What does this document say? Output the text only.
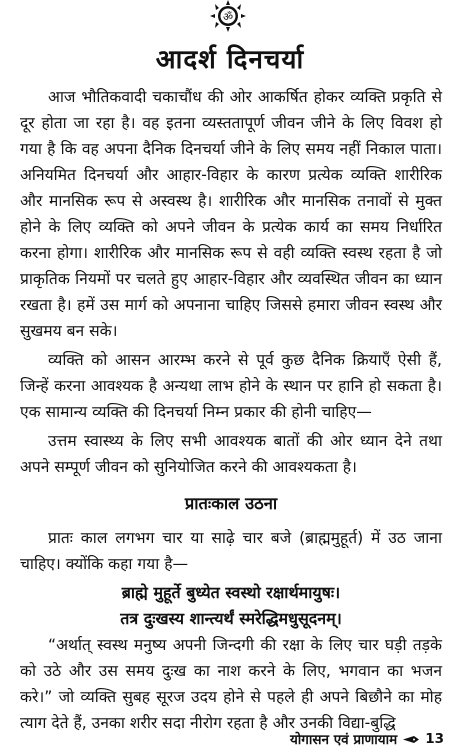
ॐ
आदर्श दिनचर्या

आज भौतिकवादी चकाचौंध की ओर आकर्षित होकर व्यक्ति प्रकृति से दूर होता जा रहा है। वह इतना व्यस्ततापूर्ण जीवन जीने के लिए विवश हो गया है कि वह अपना दैनिक दिनचर्या जीने के लिए समय नहीं निकाल पाता। अनियमित दिनचर्या और आहार-विहार के कारण प्रत्येक व्यक्ति शारीरिक और मानसिक रूप से अस्वस्थ है। शारीरिक और मानसिक तनावों से मुक्त होने के लिए व्यक्ति को अपने जीवन के प्रत्येक कार्य का समय निर्धारित करना होगा। शारीरिक और मानसिक रूप से वही व्यक्ति स्वस्थ रहता है जो प्राकृतिक नियमों पर चलते हुए आहार-विहार और व्यवस्थित जीवन का ध्यान रखता है। हमें उस मार्ग को अपनाना चाहिए जिससे हमारा जीवन स्वस्थ और सुखमय बन सके।

व्यक्ति को आसन आरम्भ करने से पूर्व कुछ दैनिक क्रियाएँ ऐसी हैं, जिन्हें करना आवश्यक है अन्यथा लाभ होने के स्थान पर हानि हो सकता है। एक सामान्य व्यक्ति की दिनचर्या निम्न प्रकार की होनी चाहिए—

उत्तम स्वास्थ्य के लिए सभी आवश्यक बातों की ओर ध्यान देने तथा अपने सम्पूर्ण जीवन को सुनियोजित करने की आवश्यकता है।

प्रातःकाल उठना

प्रातः काल लगभग चार या साढ़े चार बजे (ब्राह्ममुहूर्त) में उठ जाना चाहिए। क्योंकि कहा गया है—

ब्राह्मे मुहूर्ते बुध्येत स्वस्थो रक्षार्थमायुषः।
तत्र दुःखस्य शान्त्यर्थं स्मरेद्धिमधुसूदनम्।

“अर्थात् स्वस्थ मनुष्य अपनी जिन्दगी की रक्षा के लिए चार घड़ी तड़के को उठे और उस समय दुःख का नाश करने के लिए, भगवान का भजन करे।” जो व्यक्ति सुबह सूरज उदय होने से पहले ही अपने बिछौने का मोह त्याग देते हैं, उनका शरीर सदा नीरोग रहता है और उनकी विद्या-बुद्धि

योगासन एवं प्राणायाम 13
